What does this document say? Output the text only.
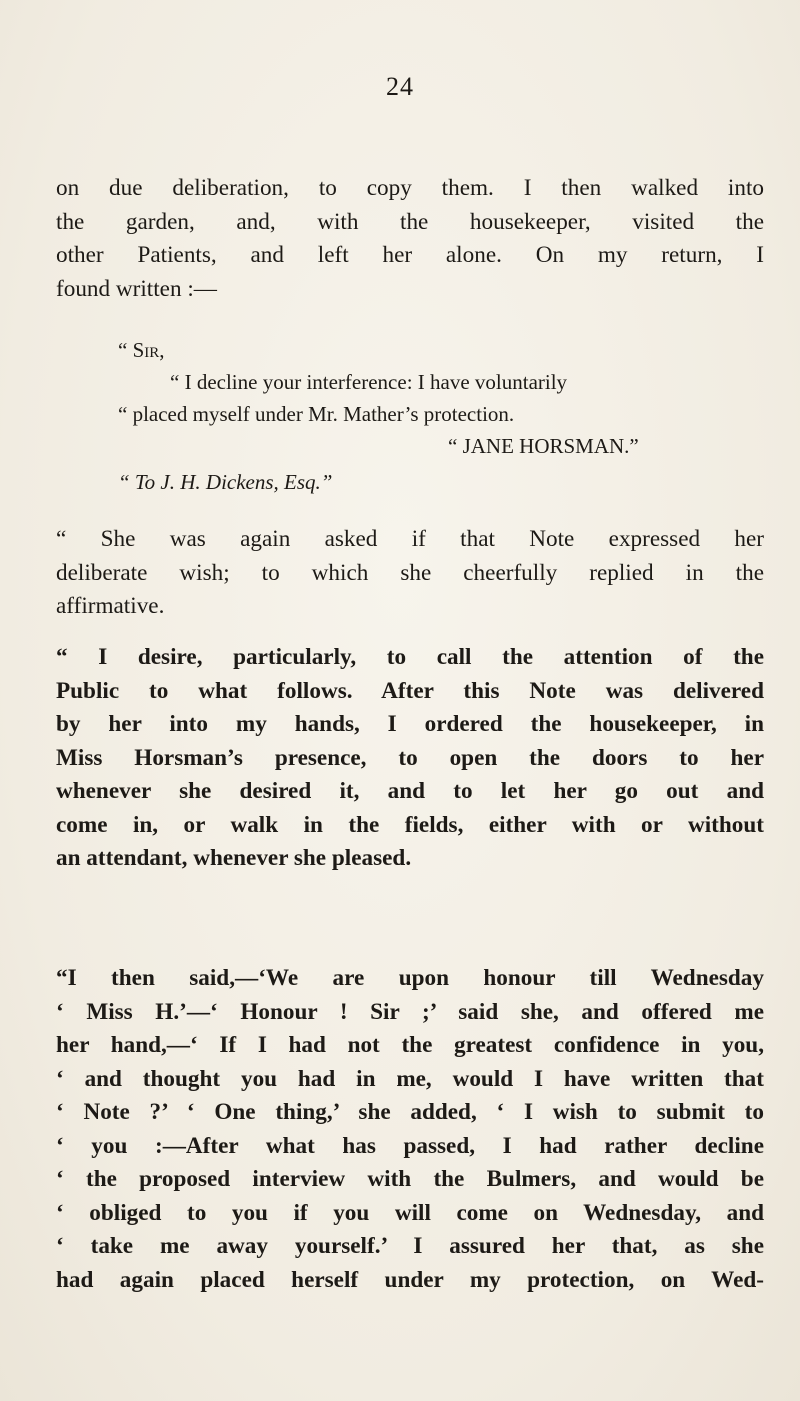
24
on due deliberation, to copy them. I then walked into
the garden, and, with the housekeeper, visited the
other Patients, and left her alone. On my return, I
found written :—
“ Sir,
“ I decline your interference: I have voluntarily
“ placed myself under Mr. Mather’s protection.
“ JANE HORSMAN.”
“ To J. H. Dickens, Esq.”
“ She was again asked if that Note expressed her
deliberate wish; to which she cheerfully replied in the
affirmative.
“ I desire, particularly, to call the attention of the
Public to what follows. After this Note was delivered
by her into my hands, I ordered the housekeeper, in
Miss Horsman’s presence, to open the doors to her
whenever she desired it, and to let her go out and
come in, or walk in the fields, either with or without
an attendant, whenever she pleased.
“I then said,—‘We are upon honour till Wednesday
‘ Miss H.’—‘ Honour ! Sir ;’ said she, and offered me
her hand,—‘ If I had not the greatest confidence in you,
‘ and thought you had in me, would I have written that
‘ Note ?’ ‘ One thing,’ she added, ‘ I wish to submit to
‘ you :—After what has passed, I had rather decline
‘ the proposed interview with the Bulmers, and would be
‘ obliged to you if you will come on Wednesday, and
‘ take me away yourself.’ I assured her that, as she
had again placed herself under my protection, on Wed-
